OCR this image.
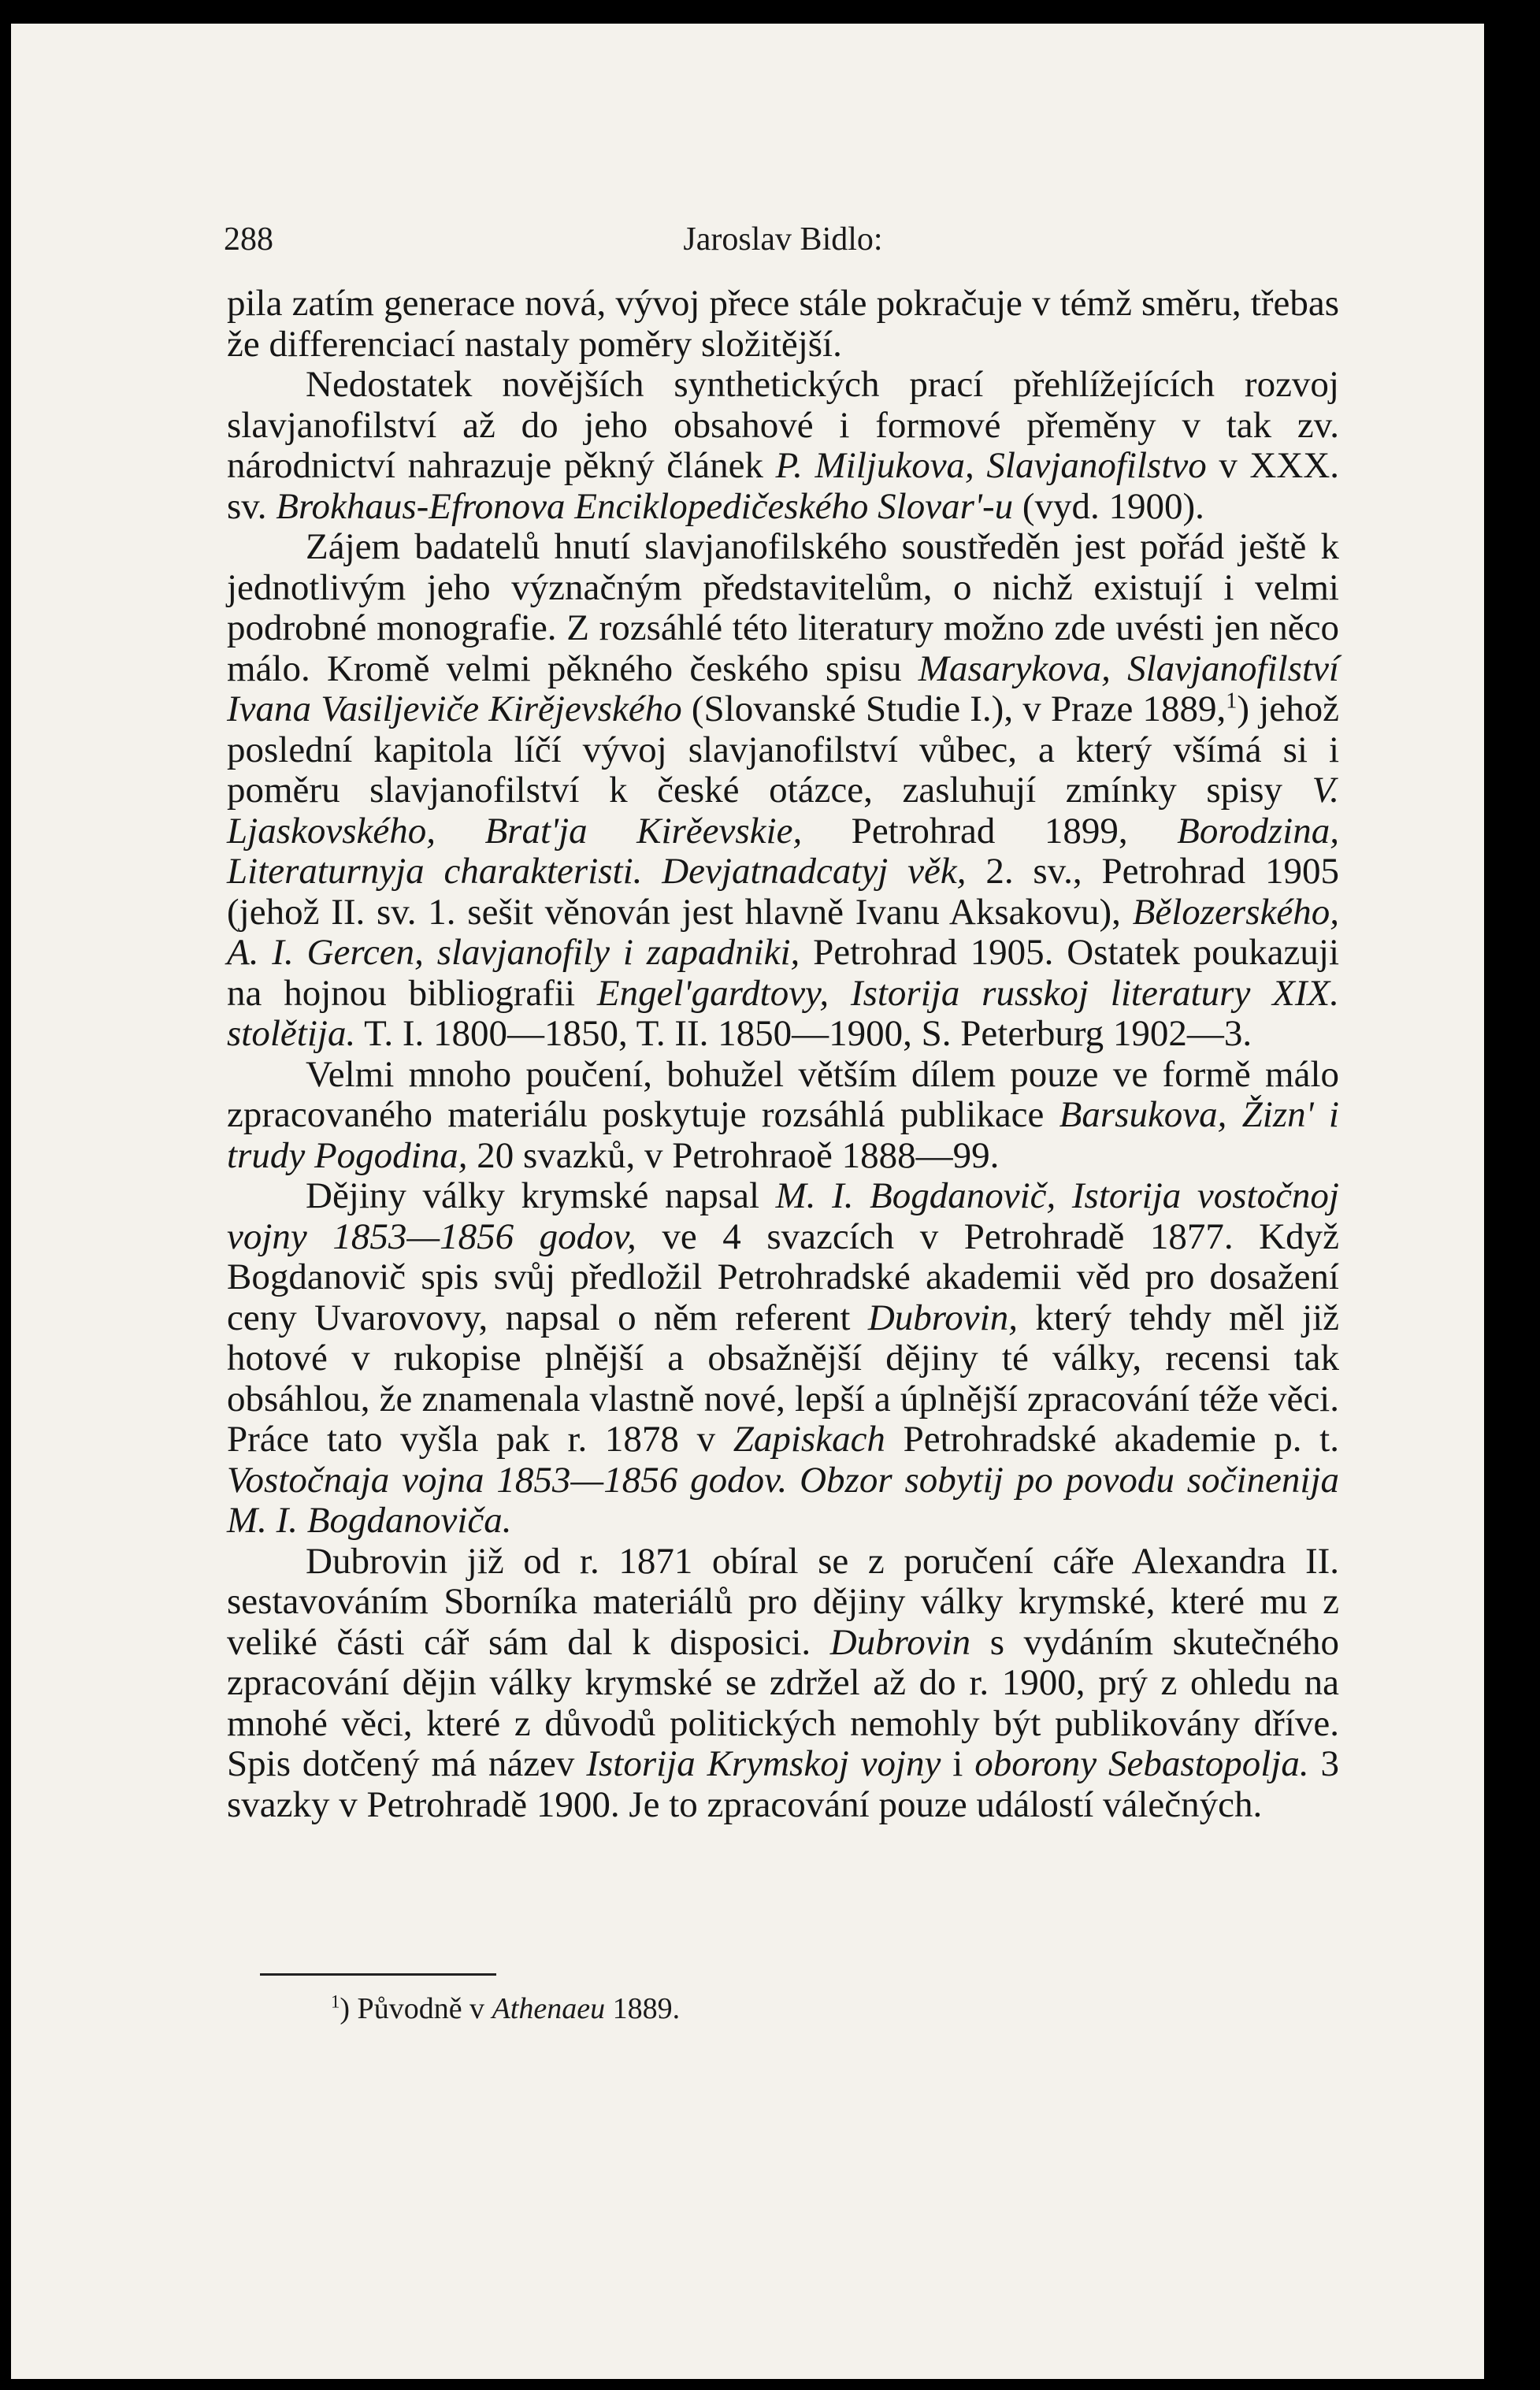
288	Jaroslav Bidlo:

pila zatím generace nová, vývoj přece stále pokračuje v témž směru, třebas že differenciací nastaly poměry složitější.

Nedostatek novějších synthetických prací přehlížejících rozvoj slavjanofilství až do jeho obsahové i formové přeměny v tak zv. národnictví nahrazuje pěkný článek P. Miljukova, Slavjanofilstvo v XXX. sv. Brokhaus-Efronova Enciklopedičeského Slovar'-u (vyd. 1900).

Zájem badatelů hnutí slavjanofilského soustředěn jest pořád ještě k jednotlivým jeho význačným představitelům, o nichž existují i velmi podrobné monografie. Z rozsáhlé této literatury možno zde uvésti jen něco málo. Kromě velmi pěkného českého spisu Masarykova, Slavjanofilství Ivana Vasiljeviče Kirějevského (Slovanské Studie I.), v Praze 1889,$^1$) jehož poslední kapitola líčí vývoj slavjanofilství vůbec, a který všímá si i poměru slavjanofilství k české otázce, zasluhují zmínky spisy V. Ljaskovského, Brat'ja Kirěevskie, Petrohrad 1899, Borodzina, Literaturnyja charakteristi. Devjatnadcatyj věk, 2. sv., Petrohrad 1905 (jehož II. sv. 1. sešit věnován jest hlavně Ivanu Aksakovu), Bělozerského, A. I. Gercen, slavjanofily i zapadniki, Petrohrad 1905. Ostatek poukazuji na hojnou bibliografii Engel'gardtovy, Istorija russkoj literatury XIX. stolětija. T. I. 1800—1850, T. II. 1850—1900, S. Peterburg 1902—3.

Velmi mnoho poučení, bohužel větším dílem pouze ve formě málo zpracovaného materiálu poskytuje rozsáhlá publikace Barsukova, Žizn' i trudy Pogodina, 20 svazků, v Petrohraoě 1888—99.

Dějiny války krymské napsal M. I. Bogdanovič, Istorija vostočnoj vojny 1853—1856 godov, ve 4 svazcích v Petrohradě 1877. Když Bogdanovič spis svůj předložil Petrohradské akademii věd pro dosažení ceny Uvarovovy, napsal o něm referent Dubrovin, který tehdy měl již hotové v rukopise plnější a obsažnější dějiny té války, recensi tak obsáhlou, že znamenala vlastně nové, lepší a úplnější zpracování téže věci. Práce tato vyšla pak r. 1878 v Zapiskach Petrohradské akademie p. t. Vostočnaja vojna 1853—1856 godov. Obzor sobytij po povodu sočinenija M. I. Bogdanoviča.

Dubrovin již od r. 1871 obíral se z poručení cáře Alexandra II. sestavováním Sborníka materiálů pro dějiny války krymské, které mu z veliké části cář sám dal k disposici. Dubrovin s vydáním skutečného zpracování dějin války krymské se zdržel až do r. 1900, prý z ohledu na mnohé věci, které z důvodů politických nemohly být publikovány dříve. Spis dotčený má název Istorija Krymskoj vojny i oborony Sebastopolja. 3 svazky v Petrohradě 1900. Je to zpracování pouze událostí válečných.

$^1$) Původně v Athenaeu 1889.
